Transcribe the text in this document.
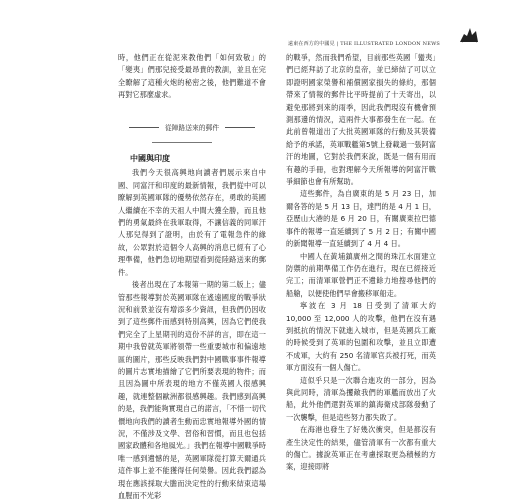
遠東在西方的中國見 | THE ILLUSTRATED LONDON NEWS

時，他們正在從泥來教他們「如何致敬」的「變夷」們那兒接受最昂貴的教訓，並且在完全瞭解了這種火炮的秘密之後，他們難道不會再對它那麼虛求。

從陣路送來的郵件
中國與印度

我們今天很高興地向讀者們展示來自中國、同富汗和印度的最新情報，我們從中可以瞭解到英國軍隊的優勢依然存在，勇敢的英國人繼續在不幸的天祖人中間大獲全勝，而且他們的勇氣最終在我軍取得，不讓信義的同軍汗人那兒得到了證明，由於有了電報急件的緣故，公眾對於這個令人高興的消息已經有了心理準備，他們急切地期望看到從陸路送來的郵件。

後者出現在了本報第一期的第二版上；儘管那些報導對於英國軍隊在遙遠國度的戰爭狀況和前景並沒有增添多少資訊，但我們仍因收到了這些郵件而感到特別高興，因為它們使我們完全了上星期刊的這份不詳的言，即在這一期中我曾就英軍將領帶一些重要城市和偏遠地區的圖片，那些反映我們對中國戰事事件報導的圖片志實地描繪了它們所要表現的物件；而且因為圖中所表現的地方不僅英國人很感興趣，就連整個歐洲都很感興趣。我們感到高興的是，我們能夠實現自己的諾言，「不惜一切代價地向我們的讀者生動而忠實地報導外國的情況，不僅涉及文學、習俗和習慣，而且也包括國家政體和各地風光。」我們在報導中國戰爭時唯一感到遺憾的是，英國軍隊從打算天爾通兵這件事上並不能獲得任何榮譽。因此我們認為現在應該採取大膽而決定性的行動來結束這場血腥而不光彩

的戰爭，然而我們希望，目前那些英國「蠻夷」們已經拜訪了北京的皇帝，並已締結了可以立即證明國家榮譽和補償國家損失的條約，那個帶來了情報的郵件比平時提前了十天寄出，以避免那將到來的雨季，因此我們現沒有機會預測那邊的情況，這兩件大事都發生在一起。在此前曾報道出了大批英國軍隊的行動及其裝備給予的承諾，英軍戰艦第5號上發載過一張阿富汗的地圖，它對於我們來說，既是一個有用而有趣的手冊，也對理解今天所報導的阿富汗戰爭細節也會有所幫助。

這些郵件，為自廣東的是 5 月 23 日，加爾各答的是 5 月 13 日，達門的是 4 月 1 日，亞歷山大港的是 6 月 20 日，有關廣東拉巴德事件的報導一直延續到了 5 月 2 日；有關中國的新聞報導一直延續到了 4 月 4 日。

中國人在黃埔鎮廣州之間的珠江水面建立防禦的前期準備工作仍在進行，現在已經接近完工；而清軍軍營們正不遺餘力地搜尋他們的船艙，以便使他們早會搬移軍船走。

寧波在 3 月 18 日受到了清軍大約 10,000 至 12,000 人的攻擊，他們在沒有遇到抵抗的情況下就進入城市，但是英國兵工廠的時候受到了英軍的包圍和攻擊，並且立即遭不成軍，大約有 250 名清軍官兵被打死，而英軍方面沒有一個人傷亡。

這似乎只是一次聯合進攻的一部分，因為與此同時，清軍為攫敵我們的軍艦而放出了火船，此外他們還對英軍的鎮海衛戍部隊發動了一次襲擊，但是這些努力都失敗了。

在海港也發生了好幾次衝突，但是都沒有產生決定性的結果，儘管清軍有一次都有重大的傷亡。據說英軍正在考慮採取更為積極的方案，迎接即將
